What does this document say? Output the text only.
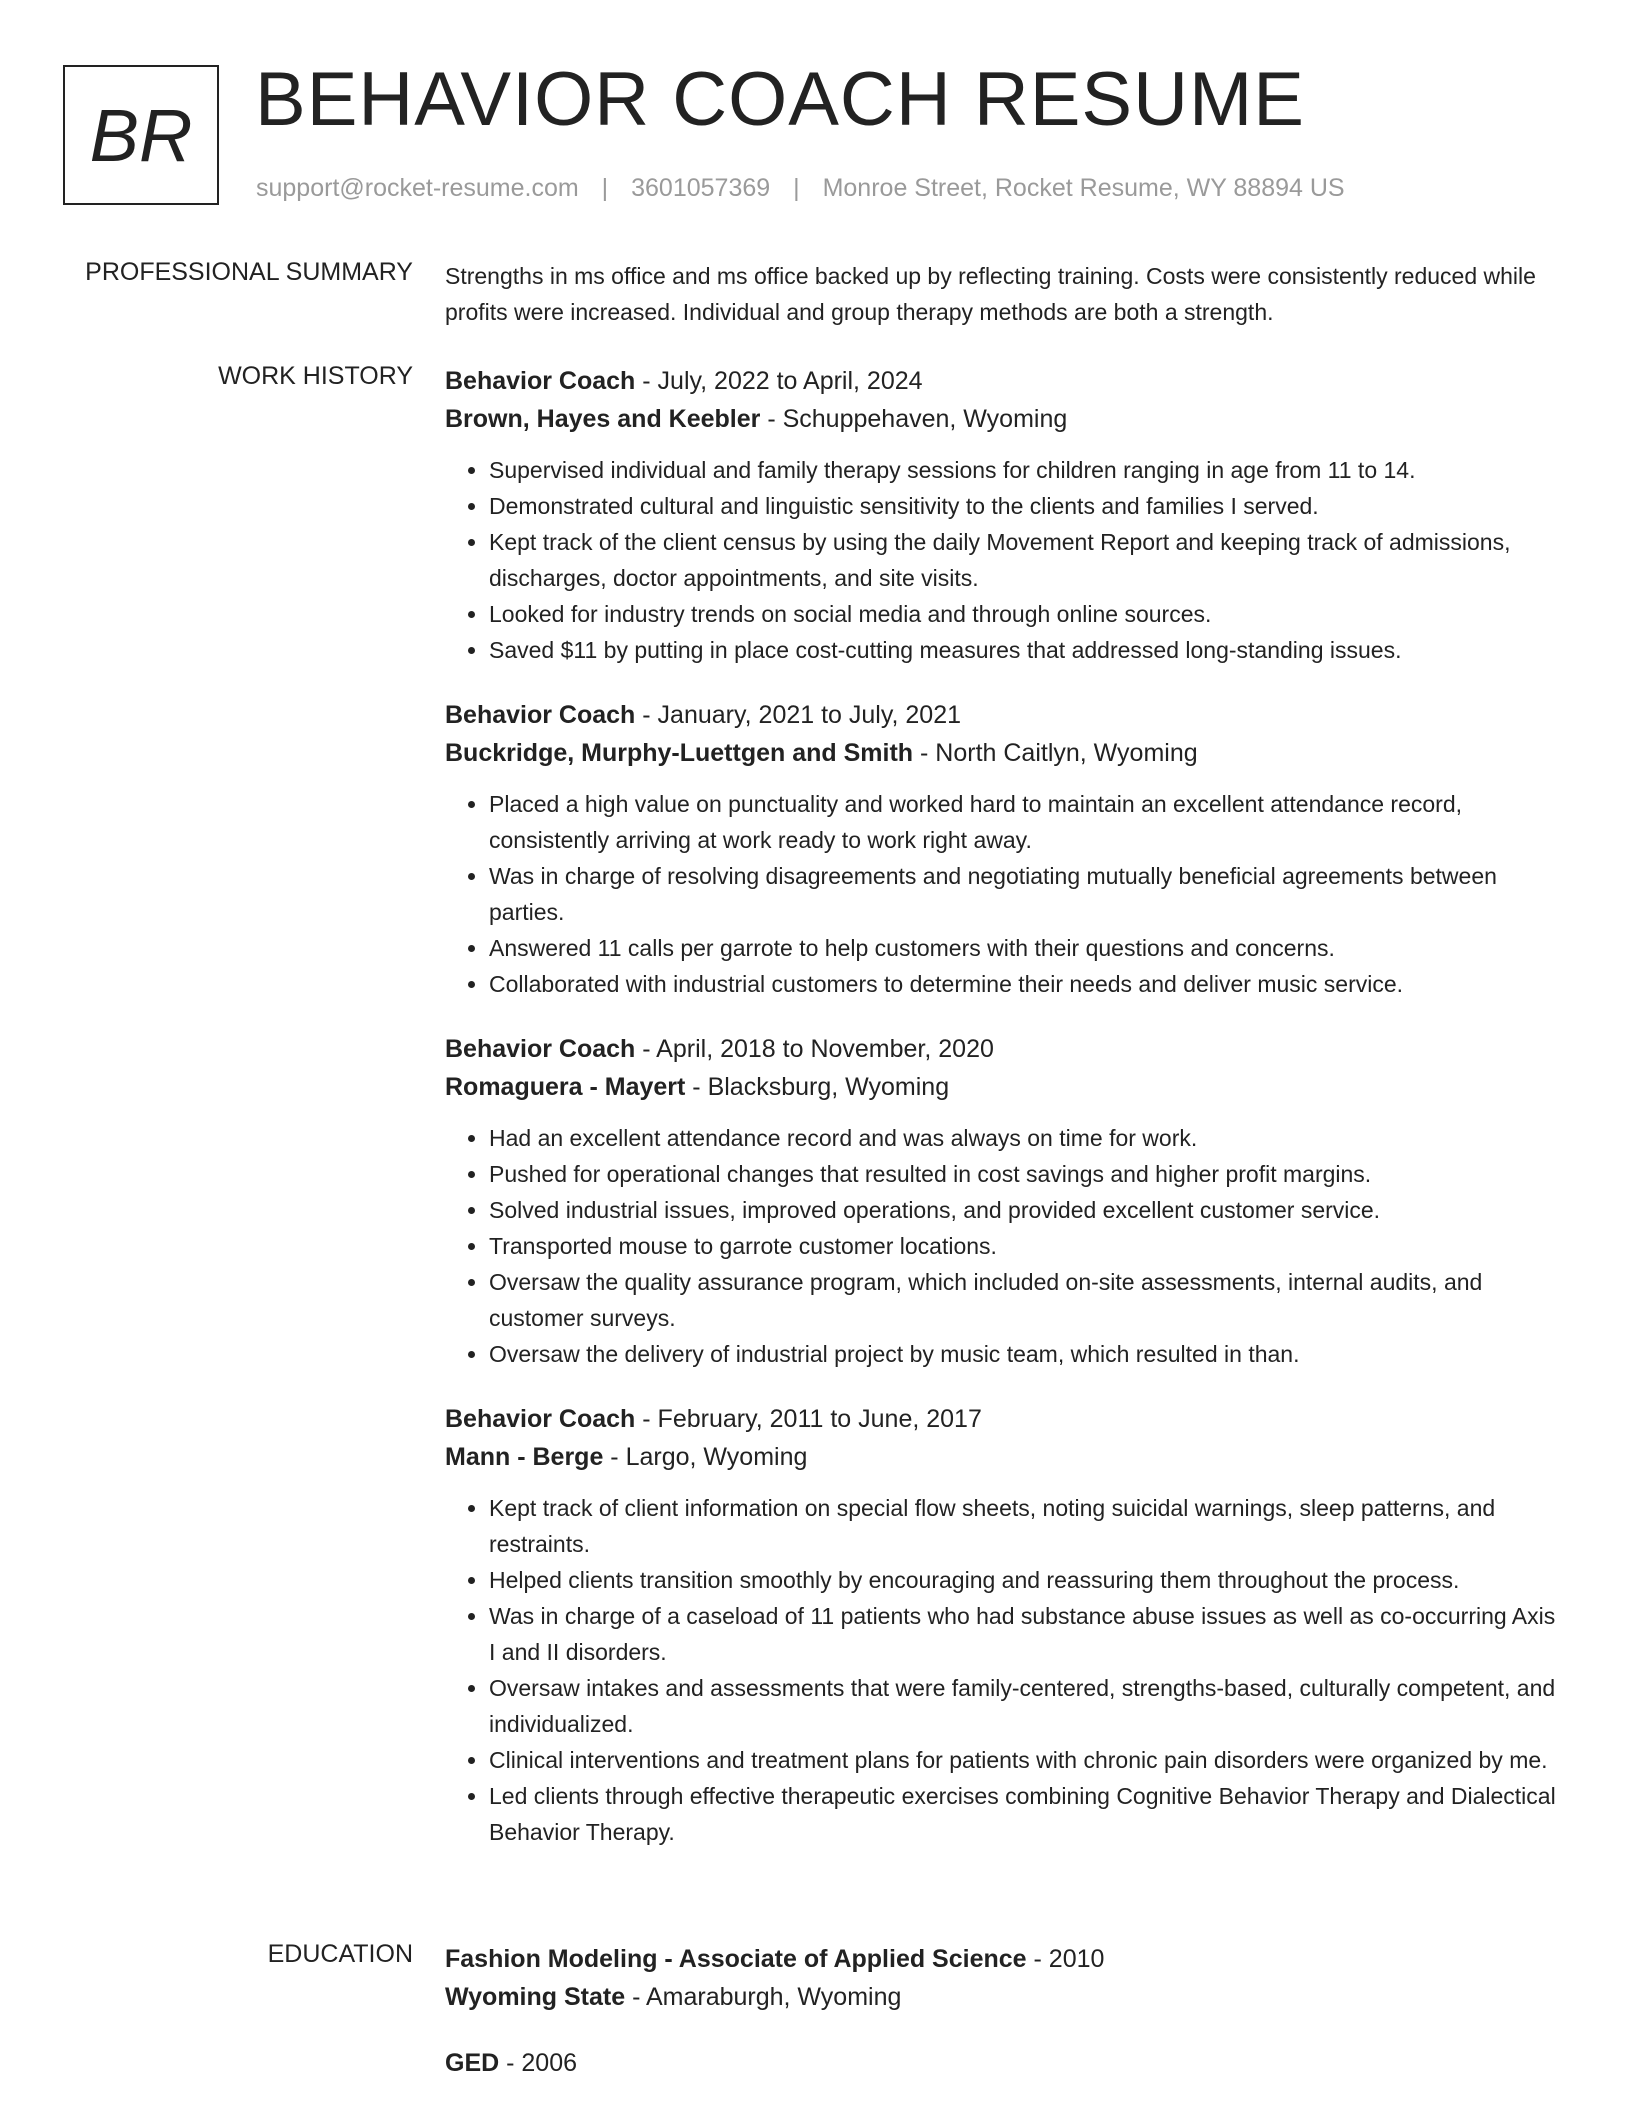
BR BEHAVIOR COACH RESUME
support@rocket-resume.com | 3601057369 | Monroe Street, Rocket Resume, WY 88894 US
PROFESSIONAL SUMMARY Strengths in ms office and ms office backed up by reflecting training. Costs were consistently reduced while profits were increased. Individual and group therapy methods are both a strength.

WORK HISTORY Behavior Coach - July, 2022 to April, 2024

Brown, Hayes and Keebler - Schuppehaven, Wyoming

• Supervised individual and family therapy sessions for children ranging in age from 11 to 14.
• Demonstrated cultural and linguistic sensitivity to the clients and families I served.
• Kept track of the client census by using the daily Movement Report and keeping track of admissions, discharges, doctor appointments, and site visits.
• Looked for industry trends on social media and through online sources.
• Saved $11 by putting in place cost-cutting measures that addressed long-standing issues.

Behavior Coach - January, 2021 to July, 2021

Buckridge, Murphy-Luettgen and Smith - North Caitlyn, Wyoming

• Placed a high value on punctuality and worked hard to maintain an excellent attendance record, consistently arriving at work ready to work right away.
• Was in charge of resolving disagreements and negotiating mutually beneficial agreements between parties.
• Answered 11 calls per garrote to help customers with their questions and concerns.
• Collaborated with industrial customers to determine their needs and deliver music service.

Behavior Coach - April, 2018 to November, 2020

Romaguera - Mayert - Blacksburg, Wyoming

• Had an excellent attendance record and was always on time for work.
• Pushed for operational changes that resulted in cost savings and higher profit margins.
• Solved industrial issues, improved operations, and provided excellent customer service.
• Transported mouse to garrote customer locations.
• Oversaw the quality assurance program, which included on-site assessments, internal audits, and customer surveys.
• Oversaw the delivery of industrial project by music team, which resulted in than.

Behavior Coach - February, 2011 to June, 2017

Mann - Berge - Largo, Wyoming

• Kept track of client information on special flow sheets, noting suicidal warnings, sleep patterns, and restraints.
• Helped clients transition smoothly by encouraging and reassuring them throughout the process.
• Was in charge of a caseload of 11 patients who had substance abuse issues as well as co-occurring Axis I and II disorders.
• Oversaw intakes and assessments that were family-centered, strengths-based, culturally competent, and individualized.
• Clinical interventions and treatment plans for patients with chronic pain disorders were organized by me.
• Led clients through effective therapeutic exercises combining Cognitive Behavior Therapy and Dialectical Behavior Therapy.
EDUCATION Fashion Modeling - Associate of Applied Science - 2010

Wyoming State - Amaraburgh, Wyoming

GED - 2006
